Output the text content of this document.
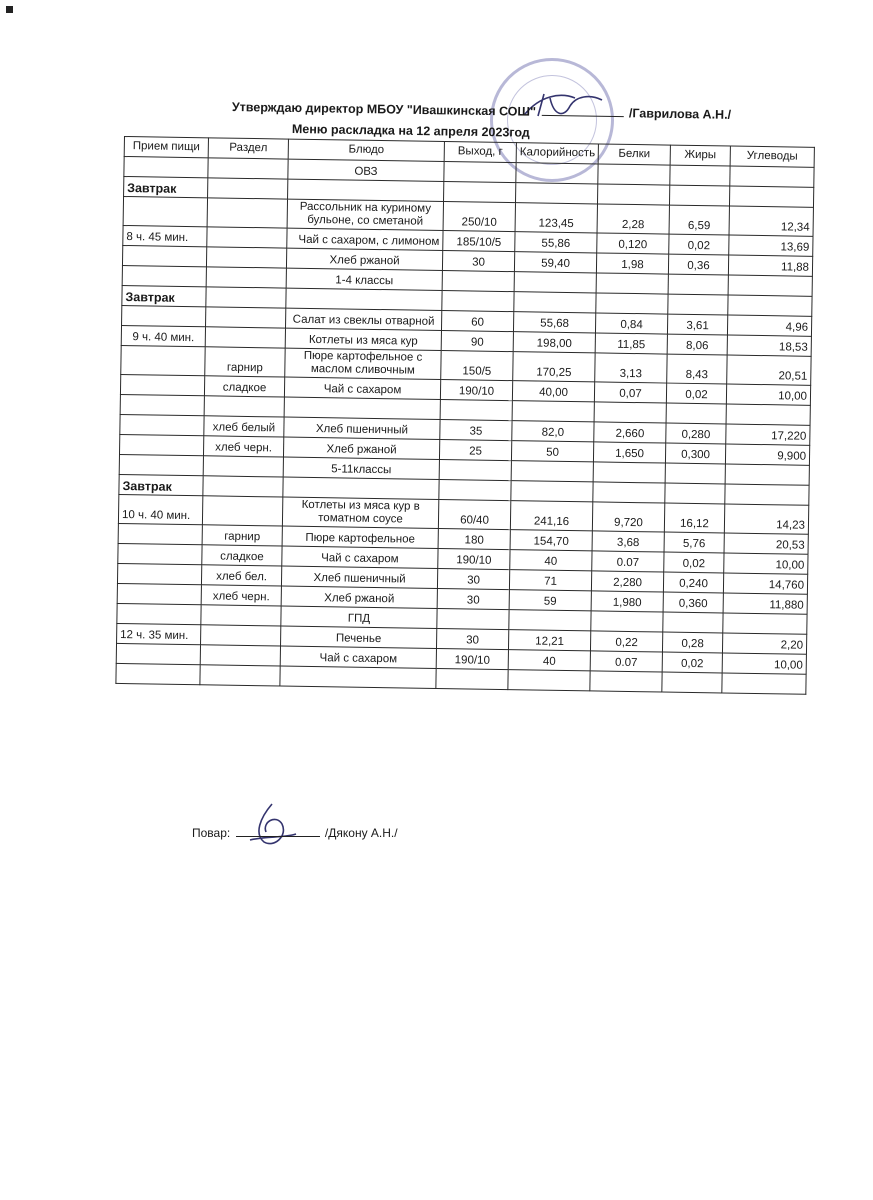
Утверждаю директор МБОУ "Ивашкинская СОШ"	/Гаврилова А.Н./
Меню раскладка на 12 апреля 2023год
Прием пищи	Раздел	Блюдо	Выход, г	Калорийность	Белки	Жиры	Углеводы
		ОВЗ					
Завтрак							
		Рассольник на куриному бульоне, со сметаной	250/10	123,45	2,28	6,59	12,34
8 ч. 45 мин.		Чай с сахаром, с лимоном	185/10/5	55,86	0,120	0,02	13,69
		Хлеб ржаной	30	59,40	1,98	0,36	11,88
		1-4 классы					
Завтрак							
		Салат из свеклы отварной	60	55,68	0,84	3,61	4,96
9 ч. 40 мин.		Котлеты из мяса кур	90	198,00	11,85	8,06	18,53
	гарнир	Пюре картофельное с маслом сливочным	150/5	170,25	3,13	8,43	20,51
	сладкое	Чай с сахаром	190/10	40,00	0,07	0,02	10,00

	хлеб белый	Хлеб пшеничный	35	82,0	2,660	0,280	17,220
	хлеб черн.	Хлеб ржаной	25	50	1,650	0,300	9,900
		5-11классы					
Завтрак							
10 ч. 40 мин.		Котлеты из мяса кур в томатном соусе	60/40	241,16	9,720	16,12	14,23
	гарнир	Пюре картофельное	180	154,70	3,68	5,76	20,53
	сладкое	Чай с сахаром	190/10	40	0.07	0,02	10,00
	хлеб бел.	Хлеб пшеничный	30	71	2,280	0,240	14,760
	хлеб черн.	Хлеб ржаной	30	59	1,980	0,360	11,880
		ГПД					
12 ч. 35 мин.		Печенье	30	12,21	0,22	0,28	2,20
		Чай с сахаром	190/10	40	0.07	0,02	10,00

Повар:	/Дякону А.Н./
